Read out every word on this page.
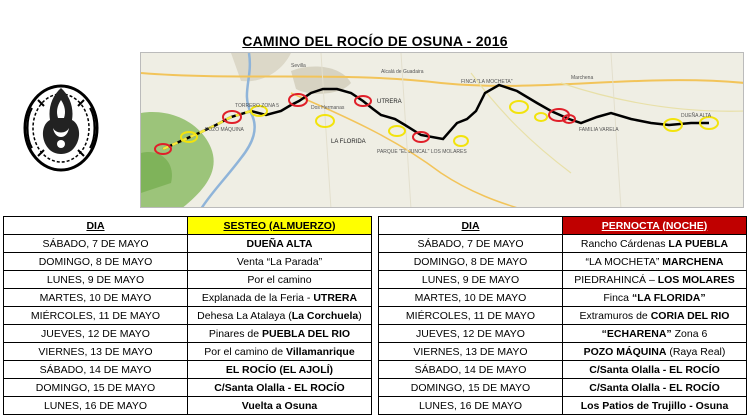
CAMINO DEL ROCÍO DE OSUNA - 2016
Sevilla
Alcalá de Guadaira
Dos Hermanas
UTRERA
LA FLORIDA
PARQUE "EL JUNCAL" LOS MOLARES
TORRERO ZONA 5
POZO MÁQUINA
FINCA "LA MOCHETA"
FAMILIA VARELA
DUEÑA ALTA
Marchena
DIA	SESTEO (ALMUERZO)		DIA	PERNOCTA (NOCHE)
SÁBADO, 7 DE MAYO	DUEÑA ALTA		SÁBADO, 7 DE MAYO	Rancho Cárdenas LA PUEBLA
DOMINGO, 8 DE MAYO	Venta “La Parada”		DOMINGO, 8 DE MAYO	“LA MOCHETA” MARCHENA
LUNES, 9 DE MAYO	Por el camino		LUNES, 9 DE MAYO	PIEDRAHINCÁ – LOS MOLARES
MARTES, 10 DE MAYO	Explanada de la Feria - UTRERA		MARTES, 10 DE MAYO	Finca “LA FLORIDA”
MIÉRCOLES, 11 DE MAYO	Dehesa La Atalaya (La Corchuela)		MIÉRCOLES, 11 DE MAYO	Extramuros de CORIA DEL RIO
JUEVES, 12 DE MAYO	Pinares de PUEBLA DEL RIO		JUEVES, 12 DE MAYO	“ECHARENA” Zona 6
VIERNES, 13 DE MAYO	Por el camino de Villamanrique		VIERNES, 13 DE MAYO	POZO MÁQUINA (Raya Real)
SÁBADO, 14 DE MAYO	EL ROCÍO (EL AJOLÍ)		SÁBADO, 14 DE MAYO	C/Santa Olalla - EL ROCÍO
DOMINGO, 15 DE MAYO	C/Santa Olalla - EL ROCÍO		DOMINGO, 15 DE MAYO	C/Santa Olalla - EL ROCÍO
LUNES, 16 DE MAYO	Vuelta a Osuna		LUNES, 16 DE MAYO	Los Patios de Trujillo - Osuna
